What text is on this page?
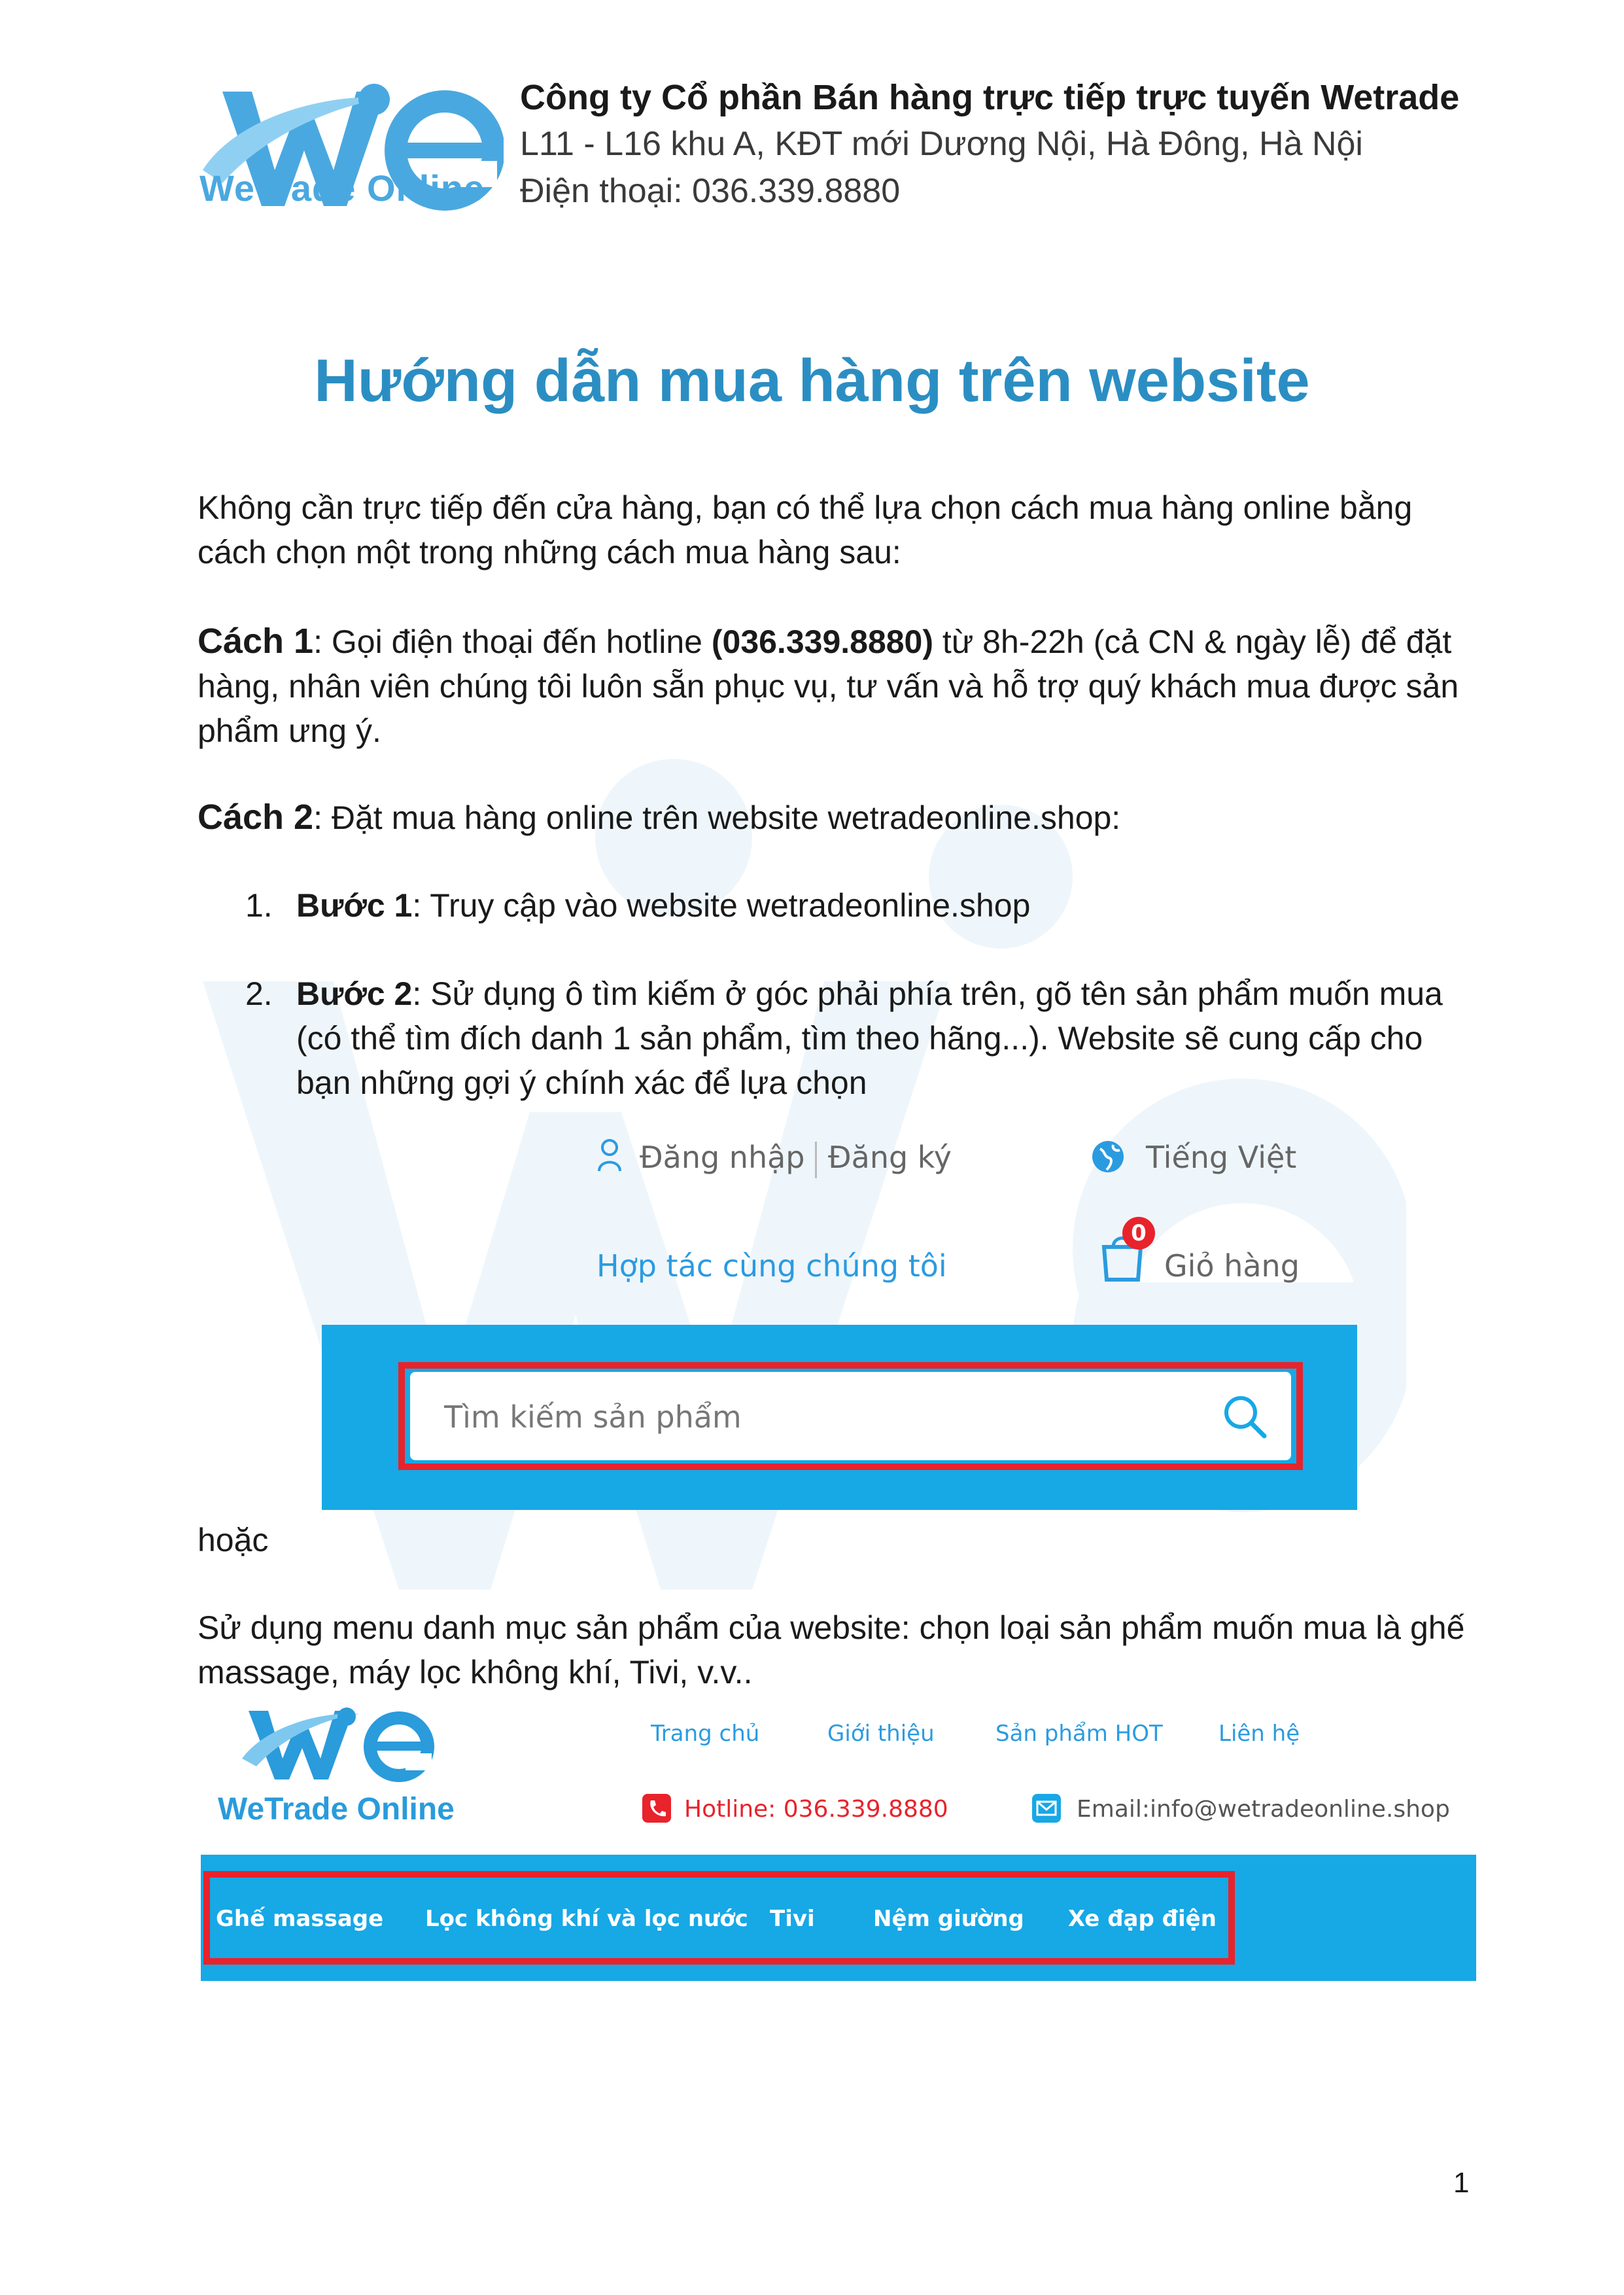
WeTrade Online
Công ty Cổ phần Bán hàng trực tiếp trực tuyến Wetrade
L11 - L16 khu A, KĐT mới Dương Nội, Hà Đông, Hà Nội
Điện thoại: 036.339.8880
Hướng dẫn mua hàng trên website
Không cần trực tiếp đến cửa hàng, bạn có thể lựa chọn cách mua hàng online bằng cách chọn một trong những cách mua hàng sau:
Cách 1: Gọi điện thoại đến hotline (036.339.8880) từ 8h-22h (cả CN & ngày lễ) để đặt hàng, nhân viên chúng tôi luôn sẵn phục vụ, tư vấn và hỗ trợ quý khách mua được sản phẩm ưng ý.
Cách 2: Đặt mua hàng online trên website wetradeonline.shop:
1. Bước 1: Truy cập vào website wetradeonline.shop
2. Bước 2: Sử dụng ô tìm kiếm ở góc phải phía trên, gõ tên sản phẩm muốn mua (có thể tìm đích danh 1 sản phẩm, tìm theo hãng...). Website sẽ cung cấp cho bạn những gợi ý chính xác để lựa chọn
Đăng nhập Đăng ký	Tiếng Việt
Hợp tác cùng chúng tôi
0
Giỏ hàng
Tìm kiếm sản phẩm
hoặc
Sử dụng menu danh mục sản phẩm của website: chọn loại sản phẩm muốn mua là ghế massage, máy lọc không khí, Tivi, v.v..
WeTrade Online
Trang chủ	Giới thiệu	Sản phẩm HOT	Liên hệ
Hotline: 036.339.8880	Email:info@wetradeonline.shop
Ghế massage Lọc không khí và lọc nước Tivi	Nệm giường Xe đạp điện
1
